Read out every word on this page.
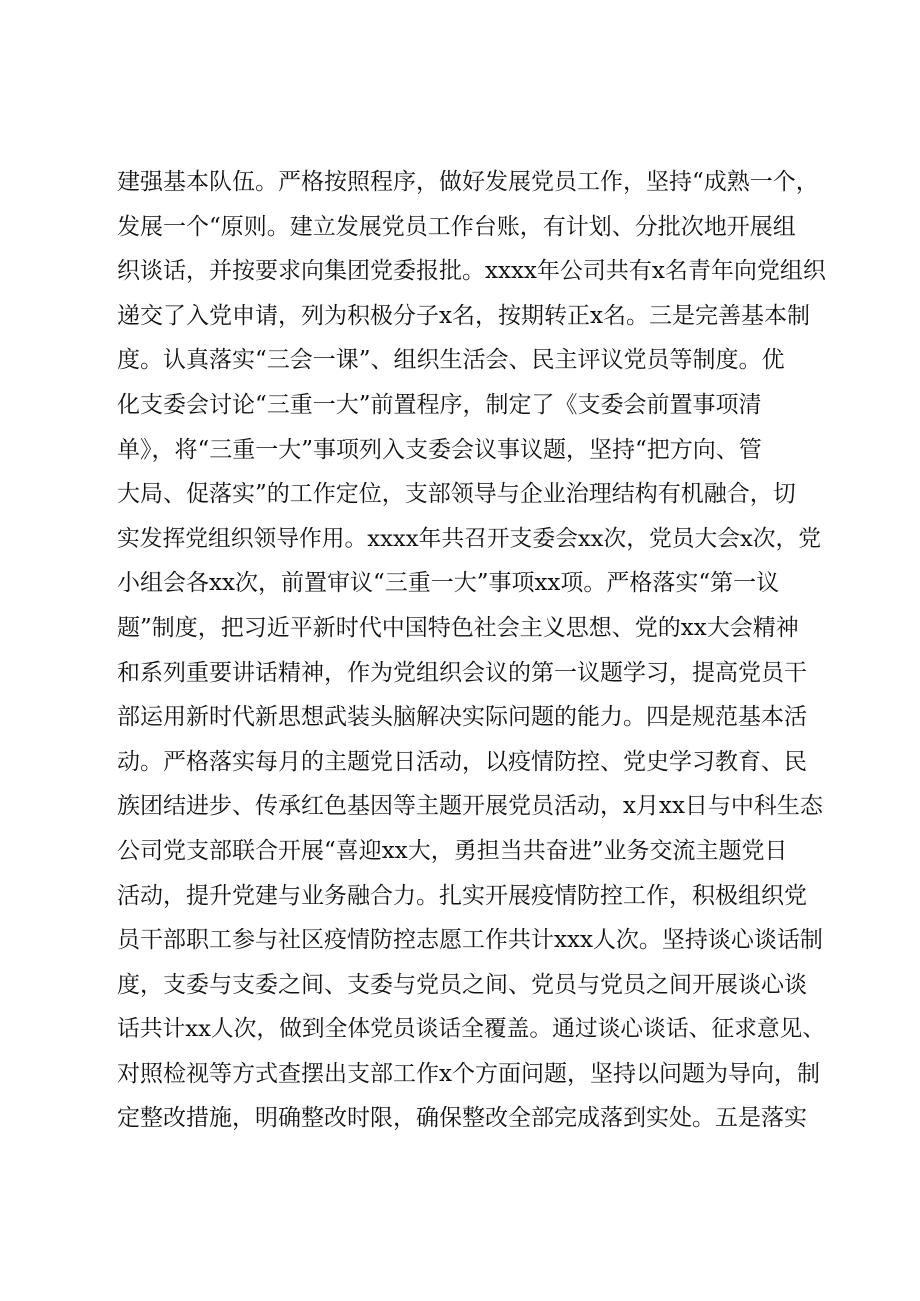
建强基本队伍。严格按照程序，做好发展党员工作，坚持“成熟一个，
发展一个“原则。建立发展党员工作台账，有计划、分批次地开展组
织谈话，并按要求向集团党委报批。xxxx年公司共有x名青年向党组织
递交了入党申请，列为积极分子x名，按期转正x名。三是完善基本制
度。认真落实“三会一课”、组织生活会、民主评议党员等制度。优
化支委会讨论“三重一大”前置程序，制定了《支委会前置事项清
单》，将“三重一大”事项列入支委会议事议题，坚持“把方向、管
大局、促落实”的工作定位，支部领导与企业治理结构有机融合，切
实发挥党组织领导作用。xxxx年共召开支委会xx次，党员大会x次，党
小组会各xx次，前置审议“三重一大”事项xx项。严格落实“第一议
题”制度，把习近平新时代中国特色社会主义思想、党的xx大会精神
和系列重要讲话精神，作为党组织会议的第一议题学习，提高党员干
部运用新时代新思想武装头脑解决实际问题的能力。四是规范基本活
动。严格落实每月的主题党日活动，以疫情防控、党史学习教育、民
族团结进步、传承红色基因等主题开展党员活动，x月xx日与中科生态
公司党支部联合开展“喜迎xx大，勇担当共奋进”业务交流主题党日
活动，提升党建与业务融合力。扎实开展疫情防控工作，积极组织党
员干部职工参与社区疫情防控志愿工作共计xxx人次。坚持谈心谈话制
度，支委与支委之间、支委与党员之间、党员与党员之间开展谈心谈
话共计xx人次，做到全体党员谈话全覆盖。通过谈心谈话、征求意见、
对照检视等方式查摆出支部工作x个方面问题，坚持以问题为导向，制
定整改措施，明确整改时限，确保整改全部完成落到实处。五是落实
